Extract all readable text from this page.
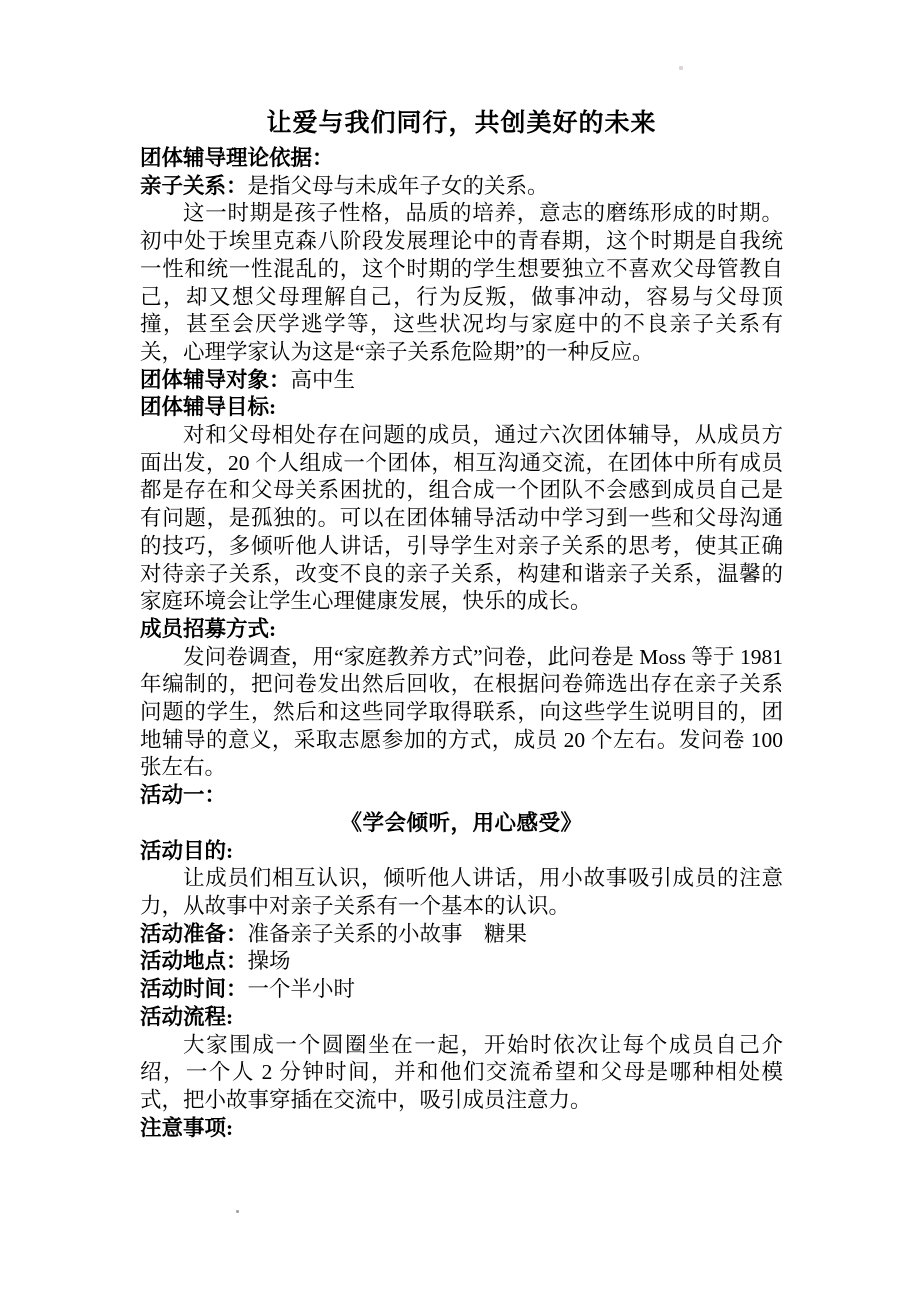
让爱与我们同行，共创美好的未来
团体辅导理论依据：
亲子关系：是指父母与未成年子女的关系。
这一时期是孩子性格，品质的培养，意志的磨练形成的时期。初中处于埃里克森八阶段发展理论中的青春期，这个时期是自我统一性和统一性混乱的，这个时期的学生想要独立不喜欢父母管教自己，却又想父母理解自己，行为反叛，做事冲动，容易与父母顶撞，甚至会厌学逃学等，这些状况均与家庭中的不良亲子关系有关，心理学家认为这是“亲子关系危险期”的一种反应。
团体辅导对象：高中生
团体辅导目标:
对和父母相处存在问题的成员，通过六次团体辅导，从成员方面出发，20 个人组成一个团体，相互沟通交流，在团体中所有成员都是存在和父母关系困扰的，组合成一个团队不会感到成员自己是有问题，是孤独的。可以在团体辅导活动中学习到一些和父母沟通的技巧，多倾听他人讲话，引导学生对亲子关系的思考，使其正确对待亲子关系，改变不良的亲子关系，构建和谐亲子关系，温馨的家庭环境会让学生心理健康发展，快乐的成长。
成员招募方式:
发问卷调查，用“家庭教养方式”问卷，此问卷是 Moss 等于 1981 年编制的，把问卷发出然后回收，在根据问卷筛选出存在亲子关系问题的学生，然后和这些同学取得联系，向这些学生说明目的，团地辅导的意义，采取志愿参加的方式，成员 20 个左右。发问卷 100 张左右。
活动一：
《学会倾听，用心感受》
活动目的:
让成员们相互认识，倾听他人讲话，用小故事吸引成员的注意力，从故事中对亲子关系有一个基本的认识。
活动准备：准备亲子关系的小故事　糖果
活动地点：操场
活动时间：一个半小时
活动流程:
大家围成一个圆圈坐在一起，开始时依次让每个成员自己介绍，一个人 2 分钟时间，并和他们交流希望和父母是哪种相处模式，把小故事穿插在交流中，吸引成员注意力。
注意事项:
